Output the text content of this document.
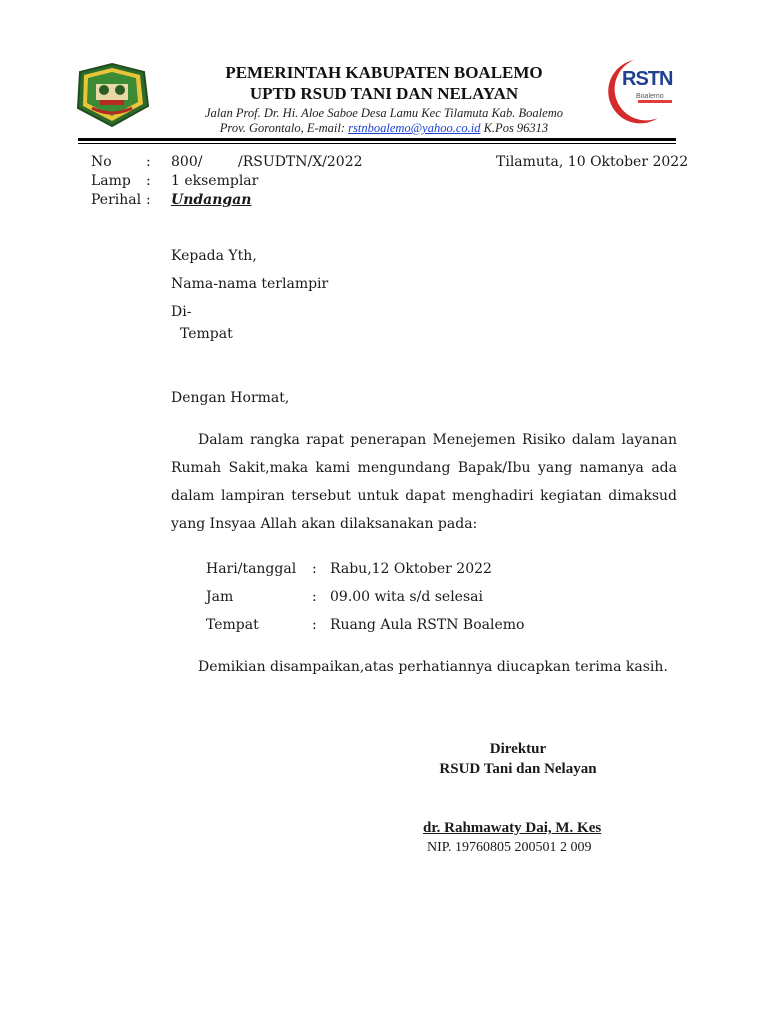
PEMERINTAH KABUPATEN BOALEMO
UPTD RSUD TANI DAN NELAYAN
Jalan Prof. Dr. Hi. Aloe Saboe Desa Lamu Kec Tilamuta Kab. Boalemo
Prov. Gorontalo, E-mail: rstnboalemo@yahoo.co.id K.Pos 96313
RSTN
Boalemo
No : 800/        /RSUDTN/X/2022	Tilamuta, 10 Oktober 2022
Lamp : 1 eksemplar
Perihal : Undangan
Kepada Yth,
Nama-nama terlampir
Di-
Tempat
Dengan Hormat,
Dalam rangka rapat penerapan Menejemen Risiko dalam layanan Rumah Sakit,maka kami mengundang Bapak/Ibu yang namanya ada dalam lampiran tersebut untuk dapat menghadiri kegiatan dimaksud yang Insyaa Allah akan dilaksanakan pada:
Hari/tanggal : Rabu,12 Oktober 2022
Jam	: 09.00 wita s/d selesai
Tempat	: Ruang Aula RSTN Boalemo
Demikian disampaikan,atas perhatiannya diucapkan terima kasih.
Direktur
RSUD Tani dan Nelayan
dr. Rahmawaty Dai, M. Kes
NIP. 19760805 200501 2 009
